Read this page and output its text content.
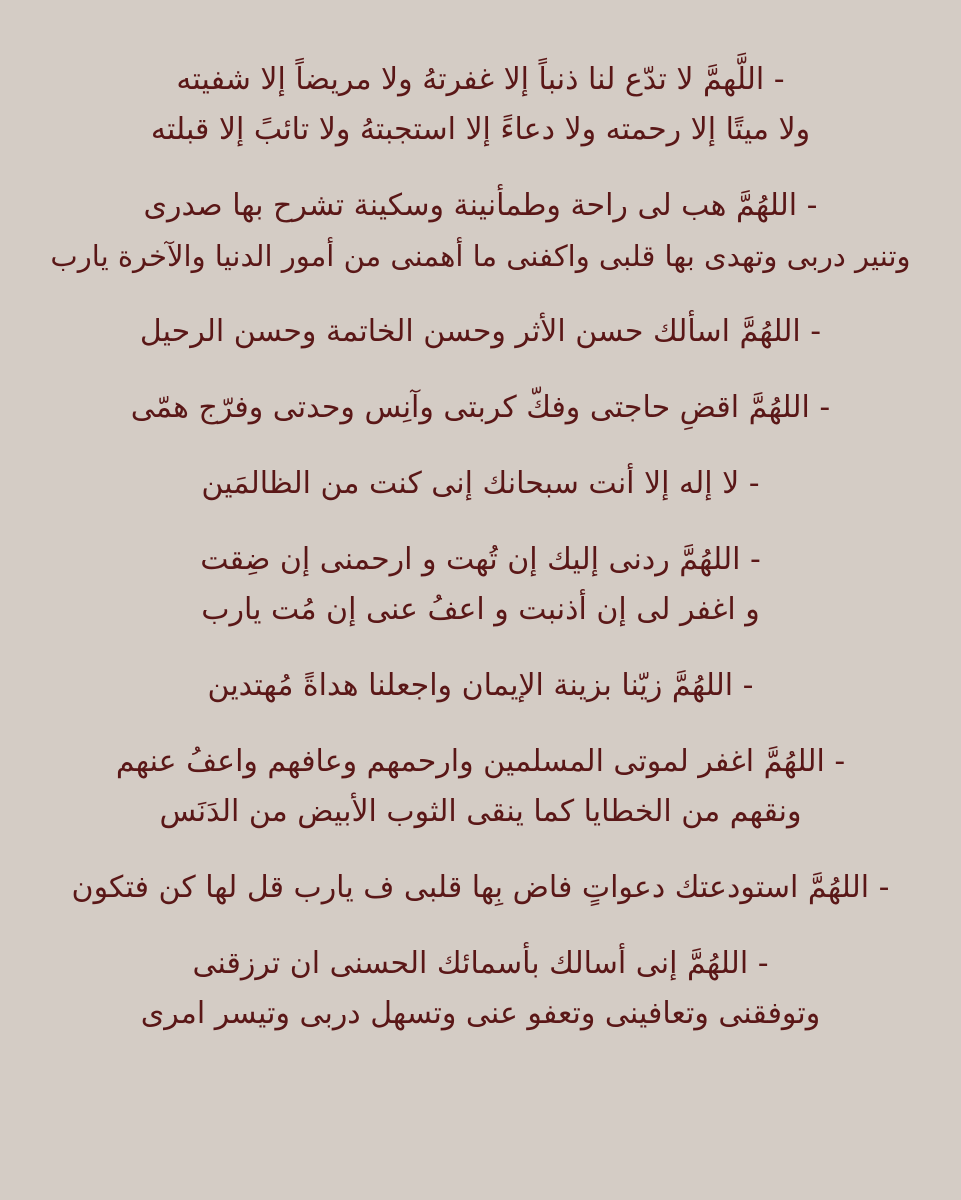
- اللَّهمَّ لا تدّع لنا ذنباً إلا غفرتهُ ولا مريضاً إلا شفيته
ولا ميتًا إلا رحمته ولا دعاءً إلا استجبتهُ ولا تائبً إلا قبلته
- اللهُمَّ هب لى راحة وطمأنينة وسكينة تشرح بها صدرى
وتنير دربى وتهدى بها قلبى واكفنى ما أهمنى من أمور الدنيا والآخرة يارب
- اللهُمَّ اسألك حسن الأثر وحسن الخاتمة وحسن الرحيل
- اللهُمَّ اقضِ حاجتى وفكّ كربتى وآنِس وحدتى وفرّج همّى
- لا إله إلا أنت سبحانك إنى كنت من الظالمَين
- اللهُمَّ ردنى إليك إن تُهت و ارحمنى إن ضِقت
و اغفر لى إن أذنبت و اعفُ عنى إن مُت يارب
- اللهُمَّ زيّنا بزينة الإيمان واجعلنا هداةً مُهتدين
- اللهُمَّ اغفر لموتى المسلمين وارحمهم وعافهم واعفُ عنهم
ونقهم من الخطايا كما ينقى الثوب الأبيض من الدَنَس
- اللهُمَّ استودعتك دعواتٍ فاض بِها قلبى ف يارب قل لها كن فتكون
- اللهُمَّ إنى أسالك بأسمائك الحسنى ان ترزقنى
وتوفقنى وتعافينى وتعفو عنى وتسهل دربى وتيسر امرى
